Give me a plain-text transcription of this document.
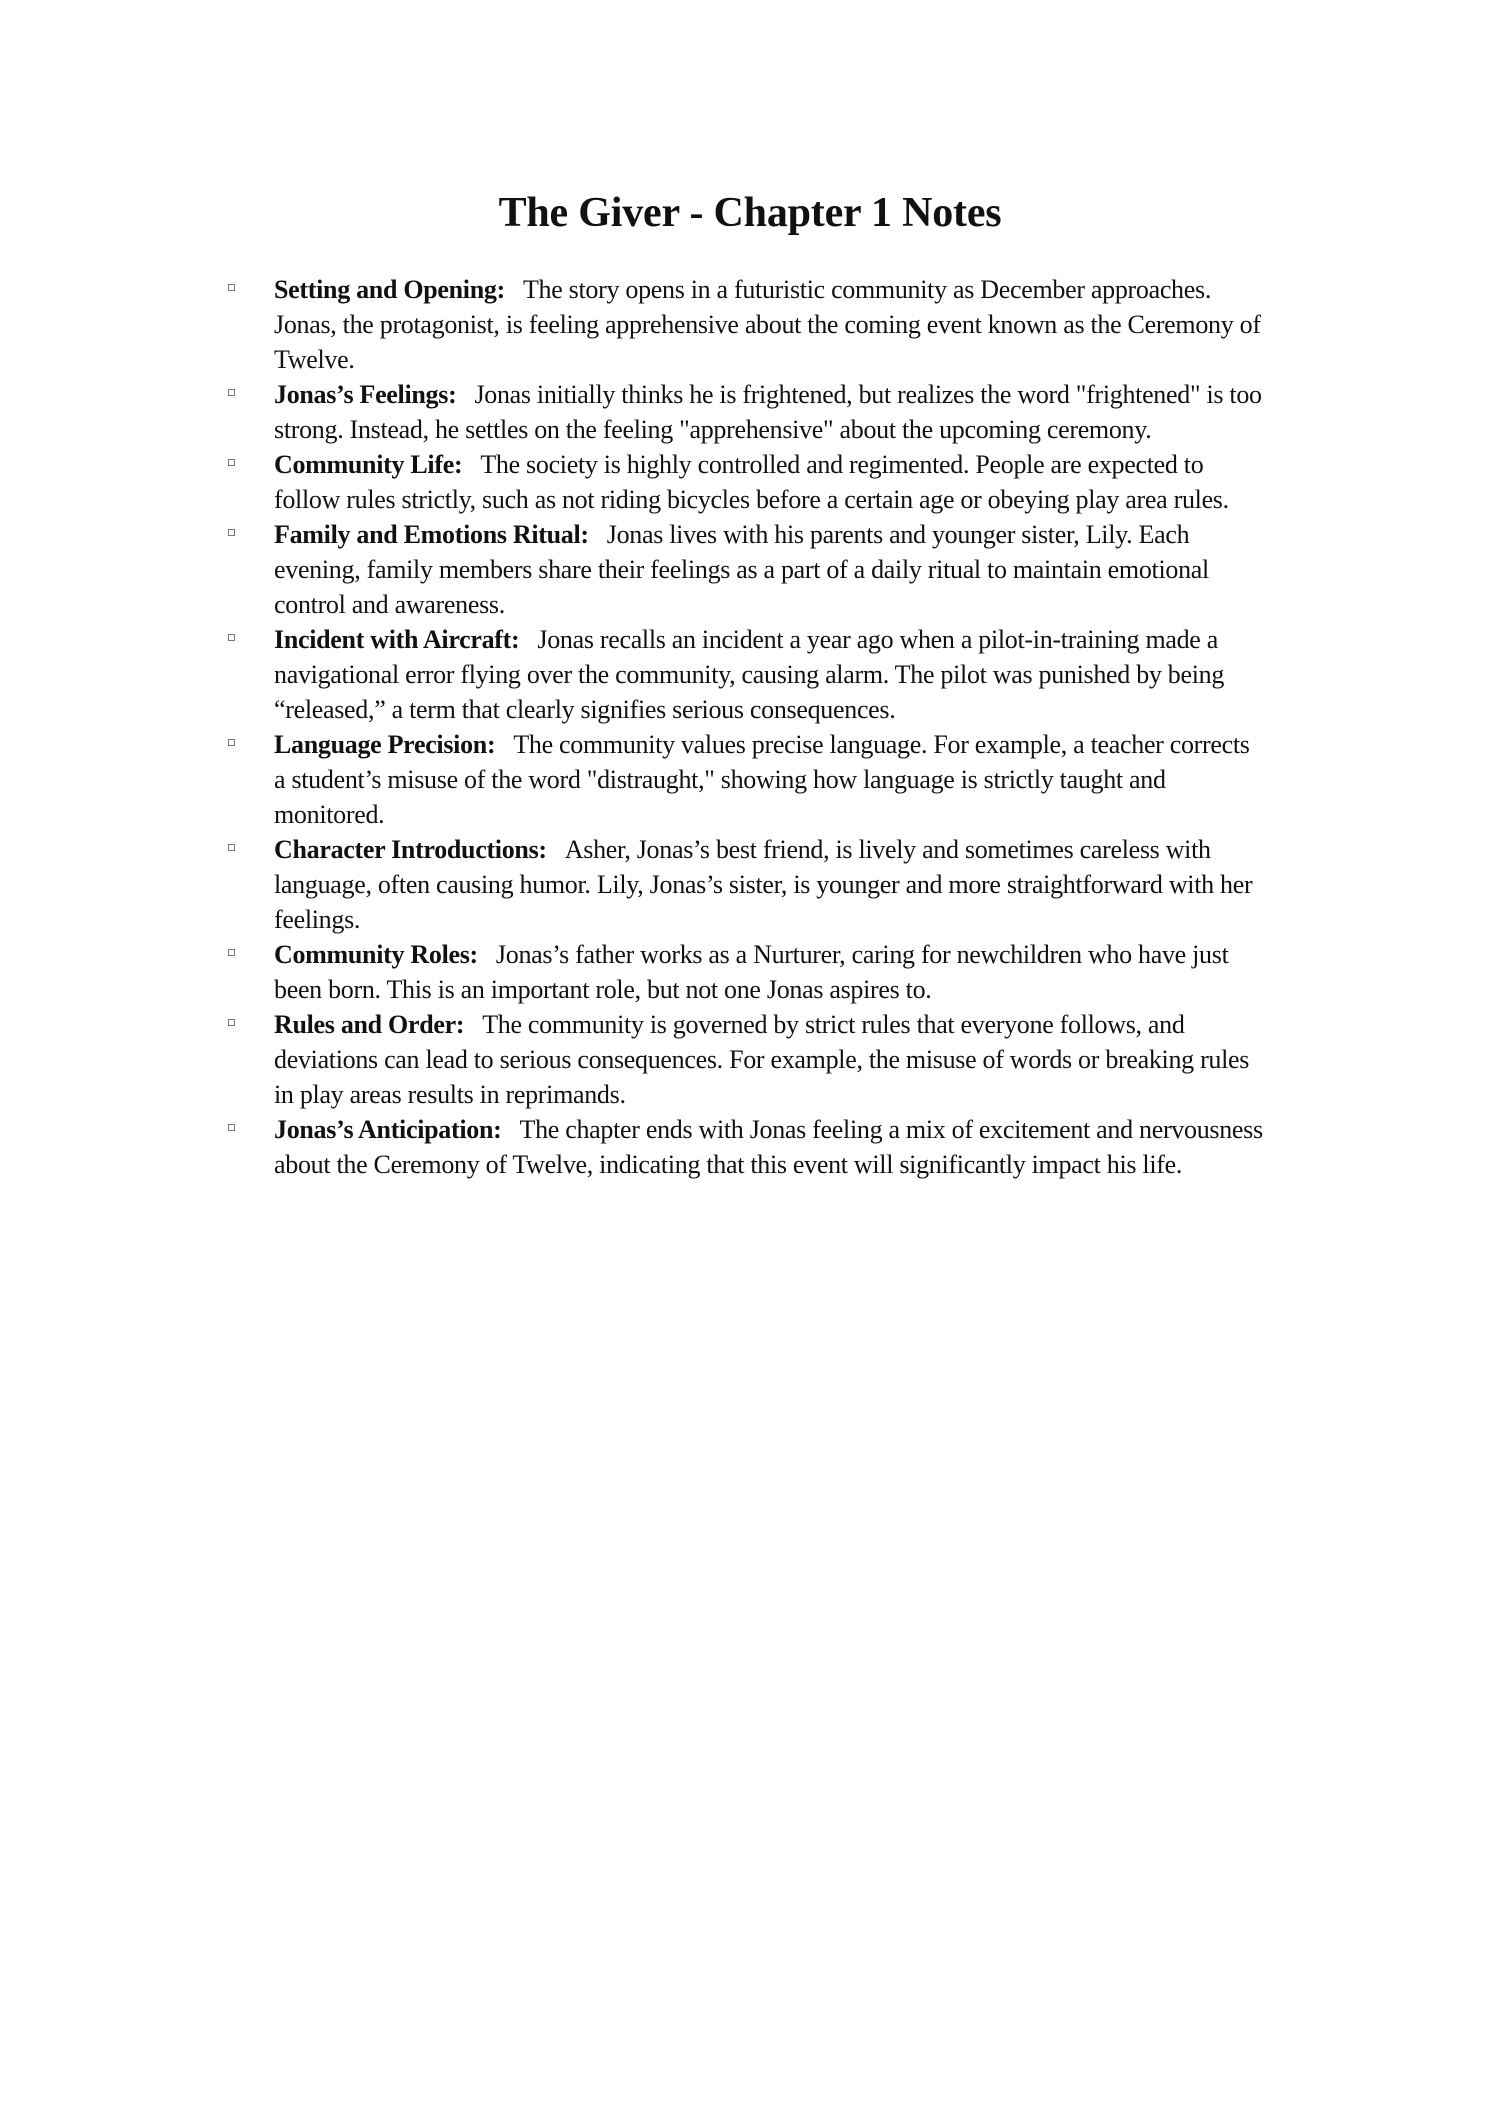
The Giver - Chapter 1 Notes
Setting and Opening: The story opens in a futuristic community as December approaches. Jonas, the protagonist, is feeling apprehensive about the coming event known as the Ceremony of Twelve.
Jonas’s Feelings: Jonas initially thinks he is frightened, but realizes the word "frightened" is too strong. Instead, he settles on the feeling "apprehensive" about the upcoming ceremony.
Community Life: The society is highly controlled and regimented. People are expected to follow rules strictly, such as not riding bicycles before a certain age or obeying play area rules.
Family and Emotions Ritual: Jonas lives with his parents and younger sister, Lily. Each evening, family members share their feelings as a part of a daily ritual to maintain emotional control and awareness.
Incident with Aircraft: Jonas recalls an incident a year ago when a pilot-in-training made a navigational error flying over the community, causing alarm. The pilot was punished by being “released,” a term that clearly signifies serious consequences.
Language Precision: The community values precise language. For example, a teacher corrects a student’s misuse of the word "distraught," showing how language is strictly taught and monitored.
Character Introductions: Asher, Jonas’s best friend, is lively and sometimes careless with language, often causing humor. Lily, Jonas’s sister, is younger and more straightforward with her feelings.
Community Roles: Jonas’s father works as a Nurturer, caring for newchildren who have just been born. This is an important role, but not one Jonas aspires to.
Rules and Order: The community is governed by strict rules that everyone follows, and deviations can lead to serious consequences. For example, the misuse of words or breaking rules in play areas results in reprimands.
Jonas’s Anticipation: The chapter ends with Jonas feeling a mix of excitement and nervousness about the Ceremony of Twelve, indicating that this event will significantly impact his life.
